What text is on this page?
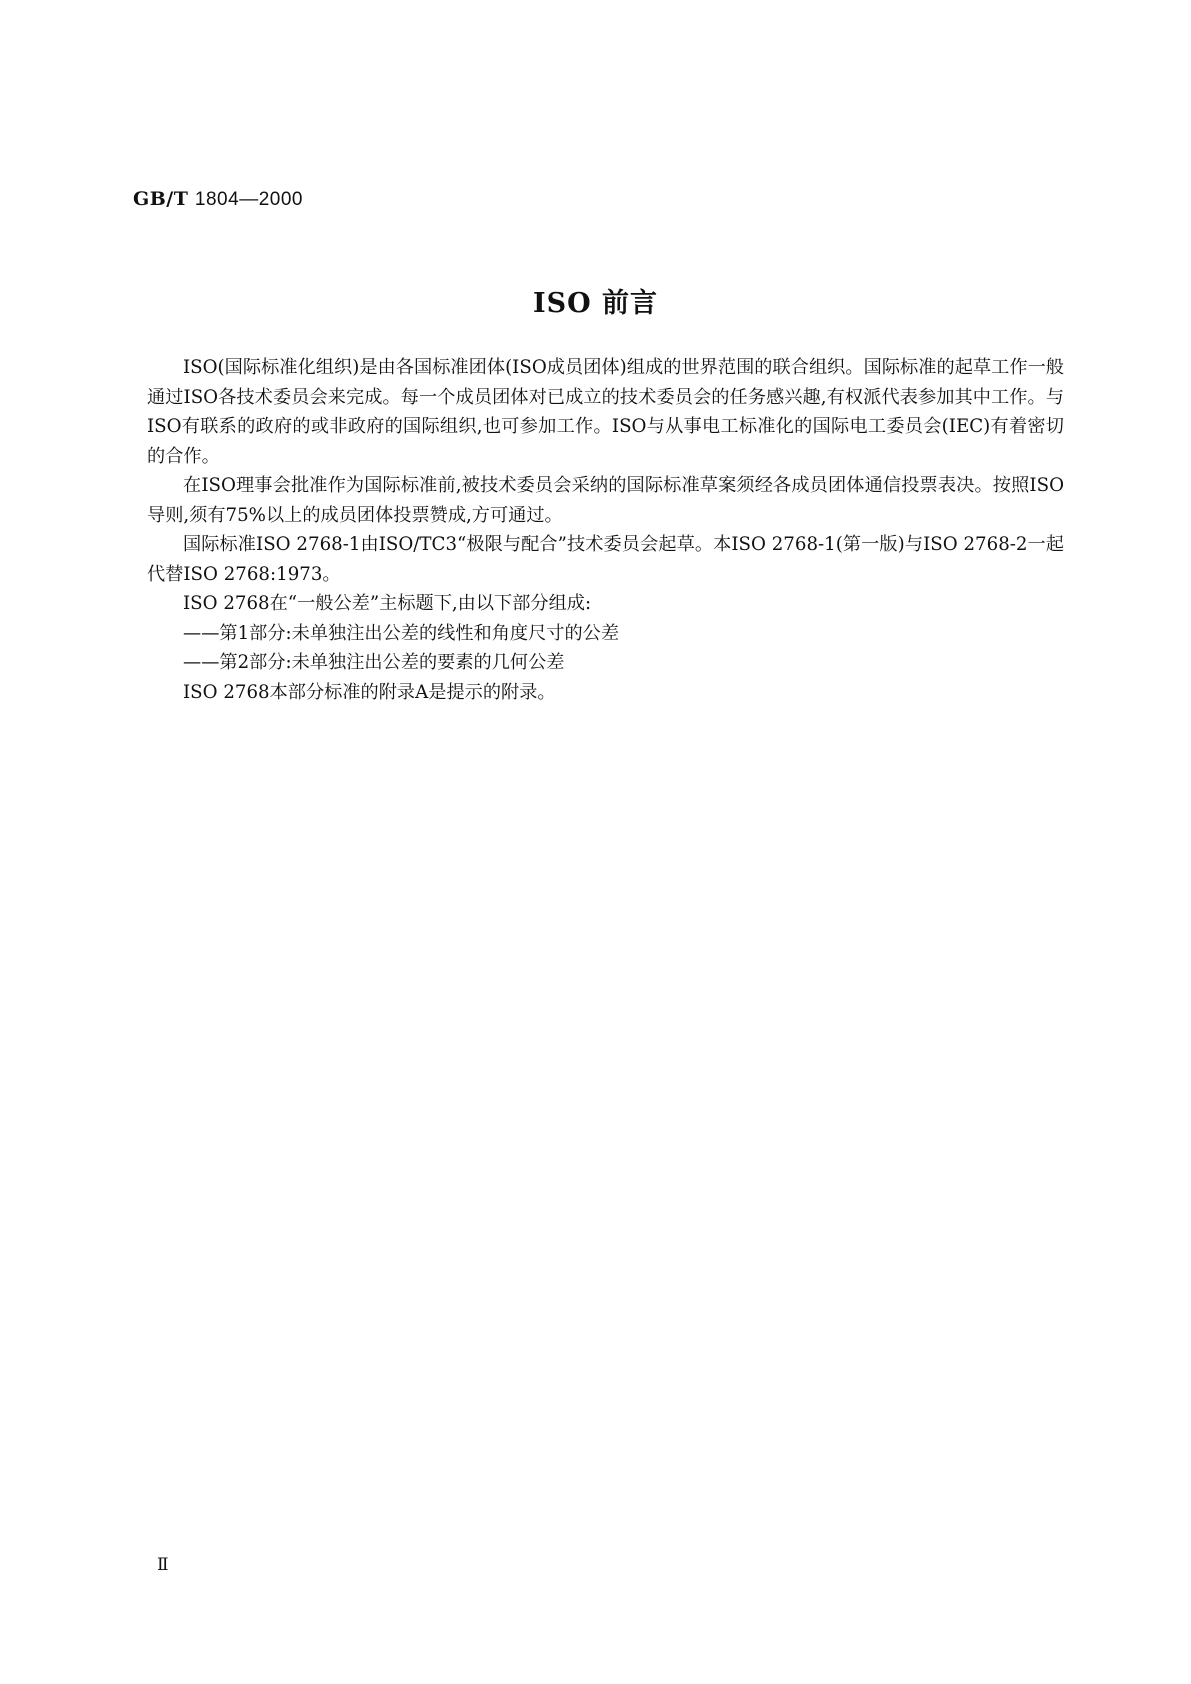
GB/T 1804—2000
ISO 前言

ISO(国际标准化组织)是由各国标准团体(ISO成员团体)组成的世界范围的联合组织。国际标准的起草工作一般通过ISO各技术委员会来完成。每一个成员团体对已成立的技术委员会的任务感兴趣,有权派代表参加其中工作。与ISO有联系的政府的或非政府的国际组织,也可参加工作。ISO与从事电工标准化的国际电工委员会(IEC)有着密切的合作。

在ISO理事会批准作为国际标准前,被技术委员会采纳的国际标准草案须经各成员团体通信投票表决。按照ISO导则,须有75%以上的成员团体投票赞成,方可通过。

国际标准ISO 2768-1由ISO/TC3“极限与配合”技术委员会起草。本ISO 2768-1(第一版)与ISO 2768-2一起代替ISO 2768:1973。

ISO 2768在“一般公差”主标题下,由以下部分组成:

——第1部分:未单独注出公差的线性和角度尺寸的公差

——第2部分:未单独注出公差的要素的几何公差

ISO 2768本部分标准的附录A是提示的附录。

Ⅱ
